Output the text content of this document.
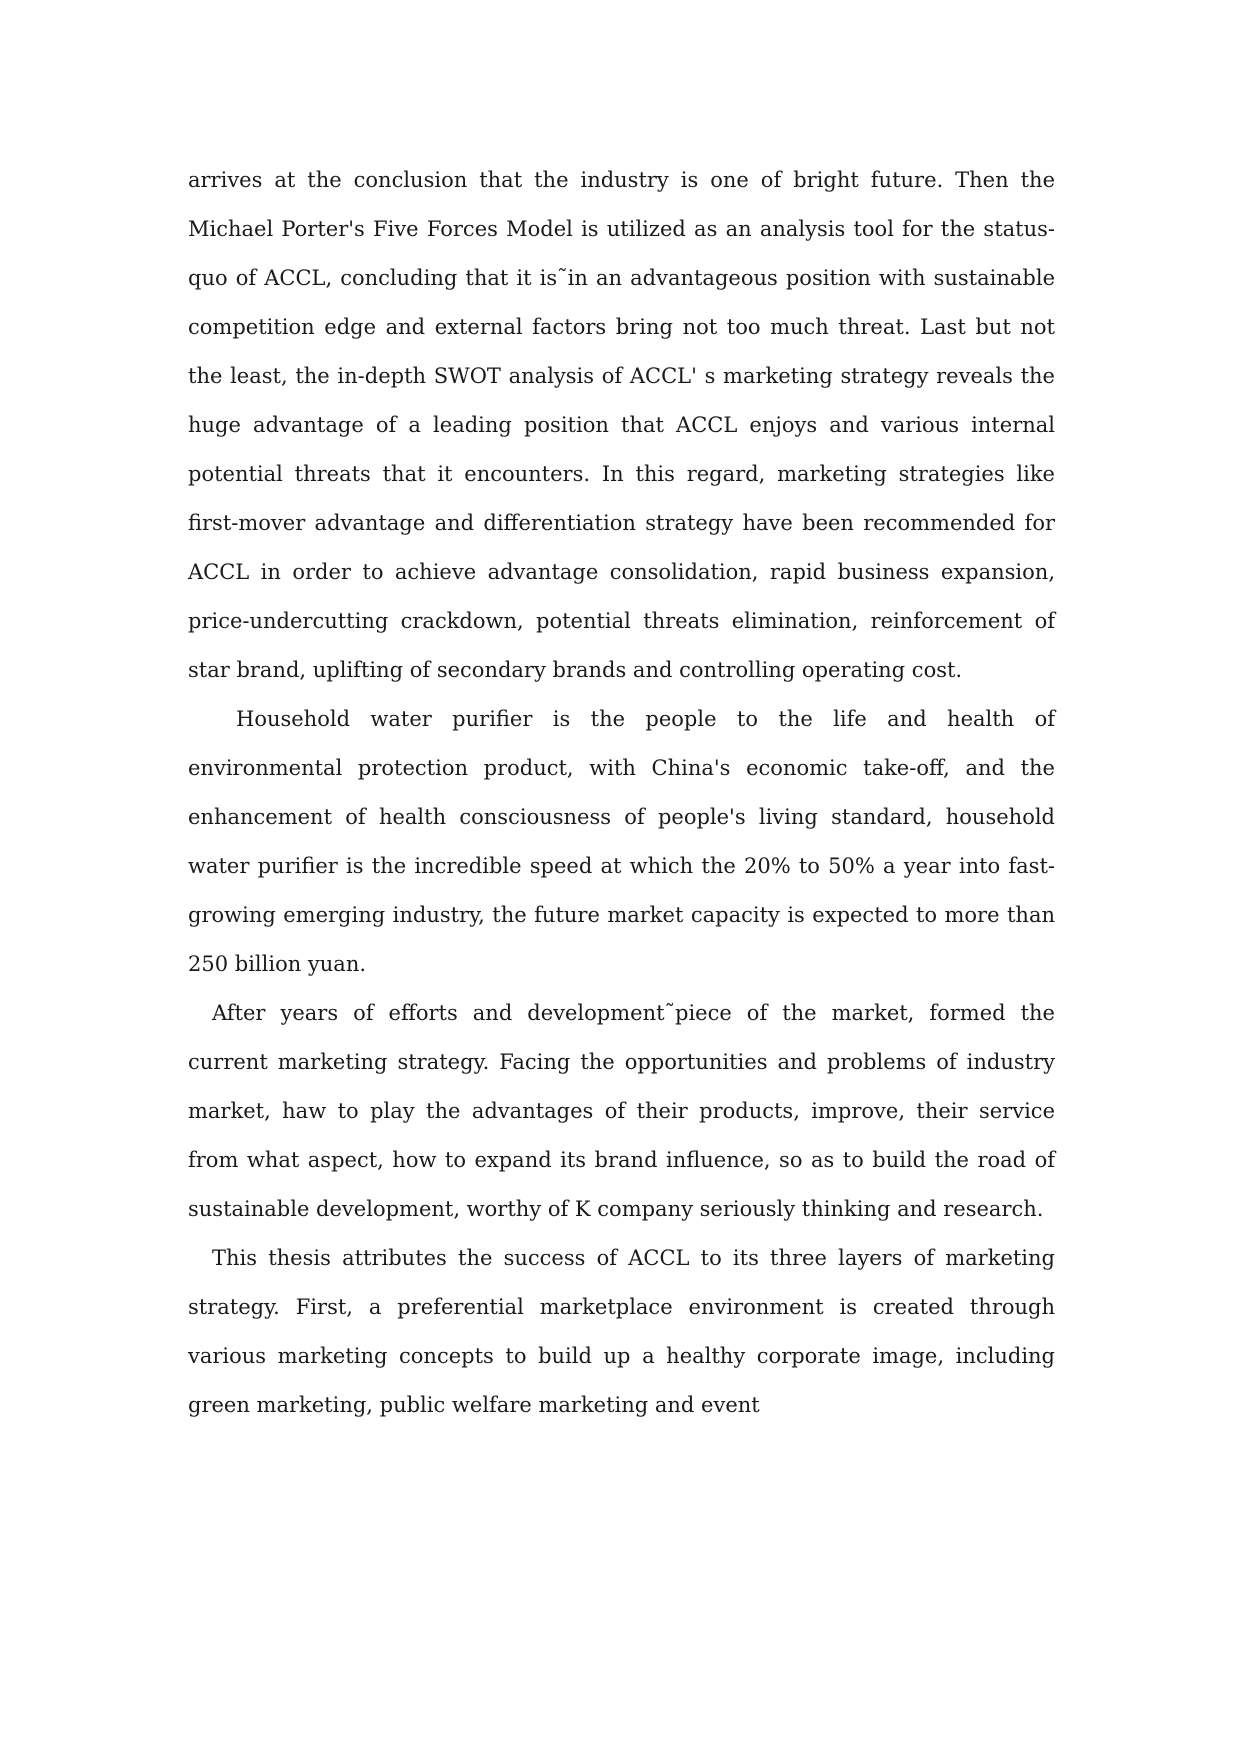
arrives at the conclusion that the industry is one of bright future. Then the Michael Porter's Five Forces Model is utilized as an analysis tool for the status-quo of ACCL, concluding that it is˜in an advantageous position with sustainable competition edge and external factors bring not too much threat. Last but not the least, the in-depth SWOT analysis of ACCL' s marketing strategy reveals the huge advantage of a leading position that ACCL enjoys and various internal potential threats that it encounters. In this regard, marketing strategies like first-mover advantage and differentiation strategy have been recommended for ACCL in order to achieve advantage consolidation, rapid business expansion, price-undercutting crackdown, potential threats elimination, reinforcement of star brand, uplifting of secondary brands and controlling operating cost.

Household water purifier is the people to the life and health of environmental protection product, with China's economic take-off, and the enhancement of health consciousness of people's living standard, household water purifier is the incredible speed at which the 20% to 50% a year into fast-growing emerging industry, the future market capacity is expected to more than 250 billion yuan.

After years of efforts and development˜piece of the market, formed the current marketing strategy. Facing the opportunities and problems of industry market, haw to play the advantages of their products, improve, their service from what aspect, how to expand its brand influence, so as to build the road of sustainable development, worthy of K company seriously thinking and research.

This thesis attributes the success of ACCL to its three layers of marketing strategy. First, a preferential marketplace environment is created through various marketing concepts to build up a healthy corporate image, including green marketing, public welfare marketing and event
